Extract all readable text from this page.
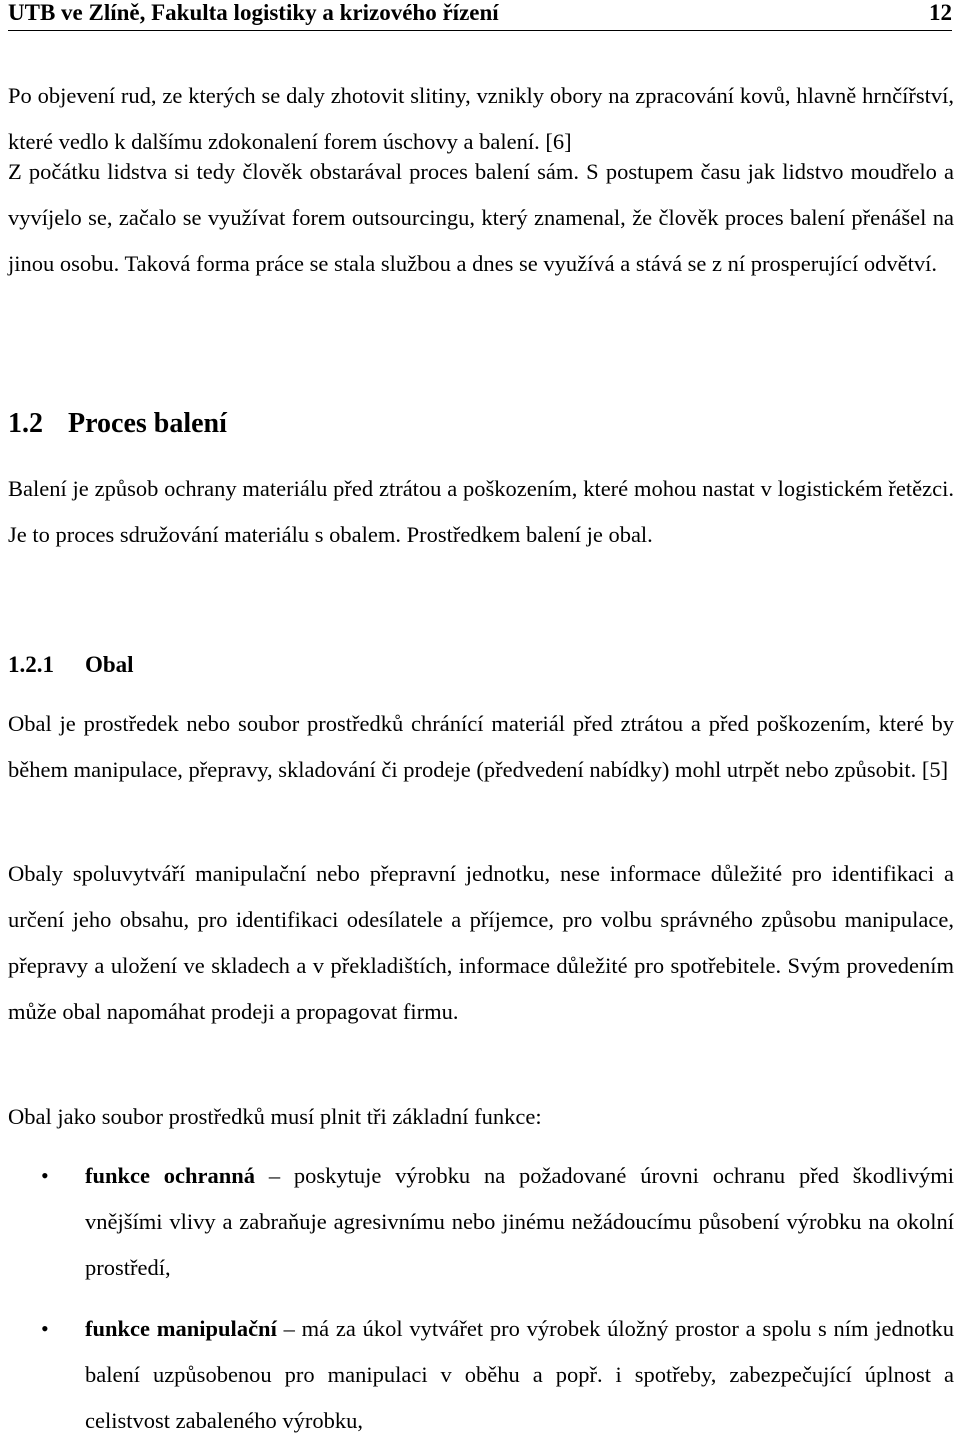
UTB ve Zlíně, Fakulta logistiky a krizového řízení	12

Po objevení rud, ze kterých se daly zhotovit slitiny, vznikly obory na zpracování kovů, hlavně hrnčířství, které vedlo k dalšímu zdokonalení forem úschovy a balení. [6]

Z počátku lidstva si tedy člověk obstarával proces balení sám. S postupem času jak lidstvo moudřelo a vyvíjelo se, začalo se využívat forem outsourcingu, který znamenal, že člověk proces balení přenášel na jinou osobu. Taková forma práce se stala službou a dnes se využívá a stává se z ní prosperující odvětví.

1.2 Proces balení

Balení je způsob ochrany materiálu před ztrátou a poškozením, které mohou nastat v logistickém řetězci. Je to proces sdružování materiálu s obalem. Prostředkem balení je obal.

1.2.1 Obal

Obal je prostředek nebo soubor prostředků chránící materiál před ztrátou a před poškozením, které by během manipulace, přepravy, skladování či prodeje (předvedení nabídky) mohl utrpět nebo způsobit. [5]

Obaly spoluvytváří manipulační nebo přepravní jednotku, nese informace důležité pro identifikaci a určení jeho obsahu, pro identifikaci odesílatele a příjemce, pro volbu správného způsobu manipulace, přepravy a uložení ve skladech a v překladištích, informace důležité pro spotřebitele. Svým provedením může obal napomáhat prodeji a propagovat firmu.

Obal jako soubor prostředků musí plnit tři základní funkce:

• funkce ochranná – poskytuje výrobku na požadované úrovni ochranu před škodlivými vnějšími vlivy a zabraňuje agresivnímu nebo jinému nežádoucímu působení výrobku na okolní prostředí,

• funkce manipulační – má za úkol vytvářet pro výrobek úložný prostor a spolu s ním jednotku balení uzpůsobenou pro manipulaci v oběhu a popř. i spotřeby, zabezpečující úplnost a celistvost zabaleného výrobku,
